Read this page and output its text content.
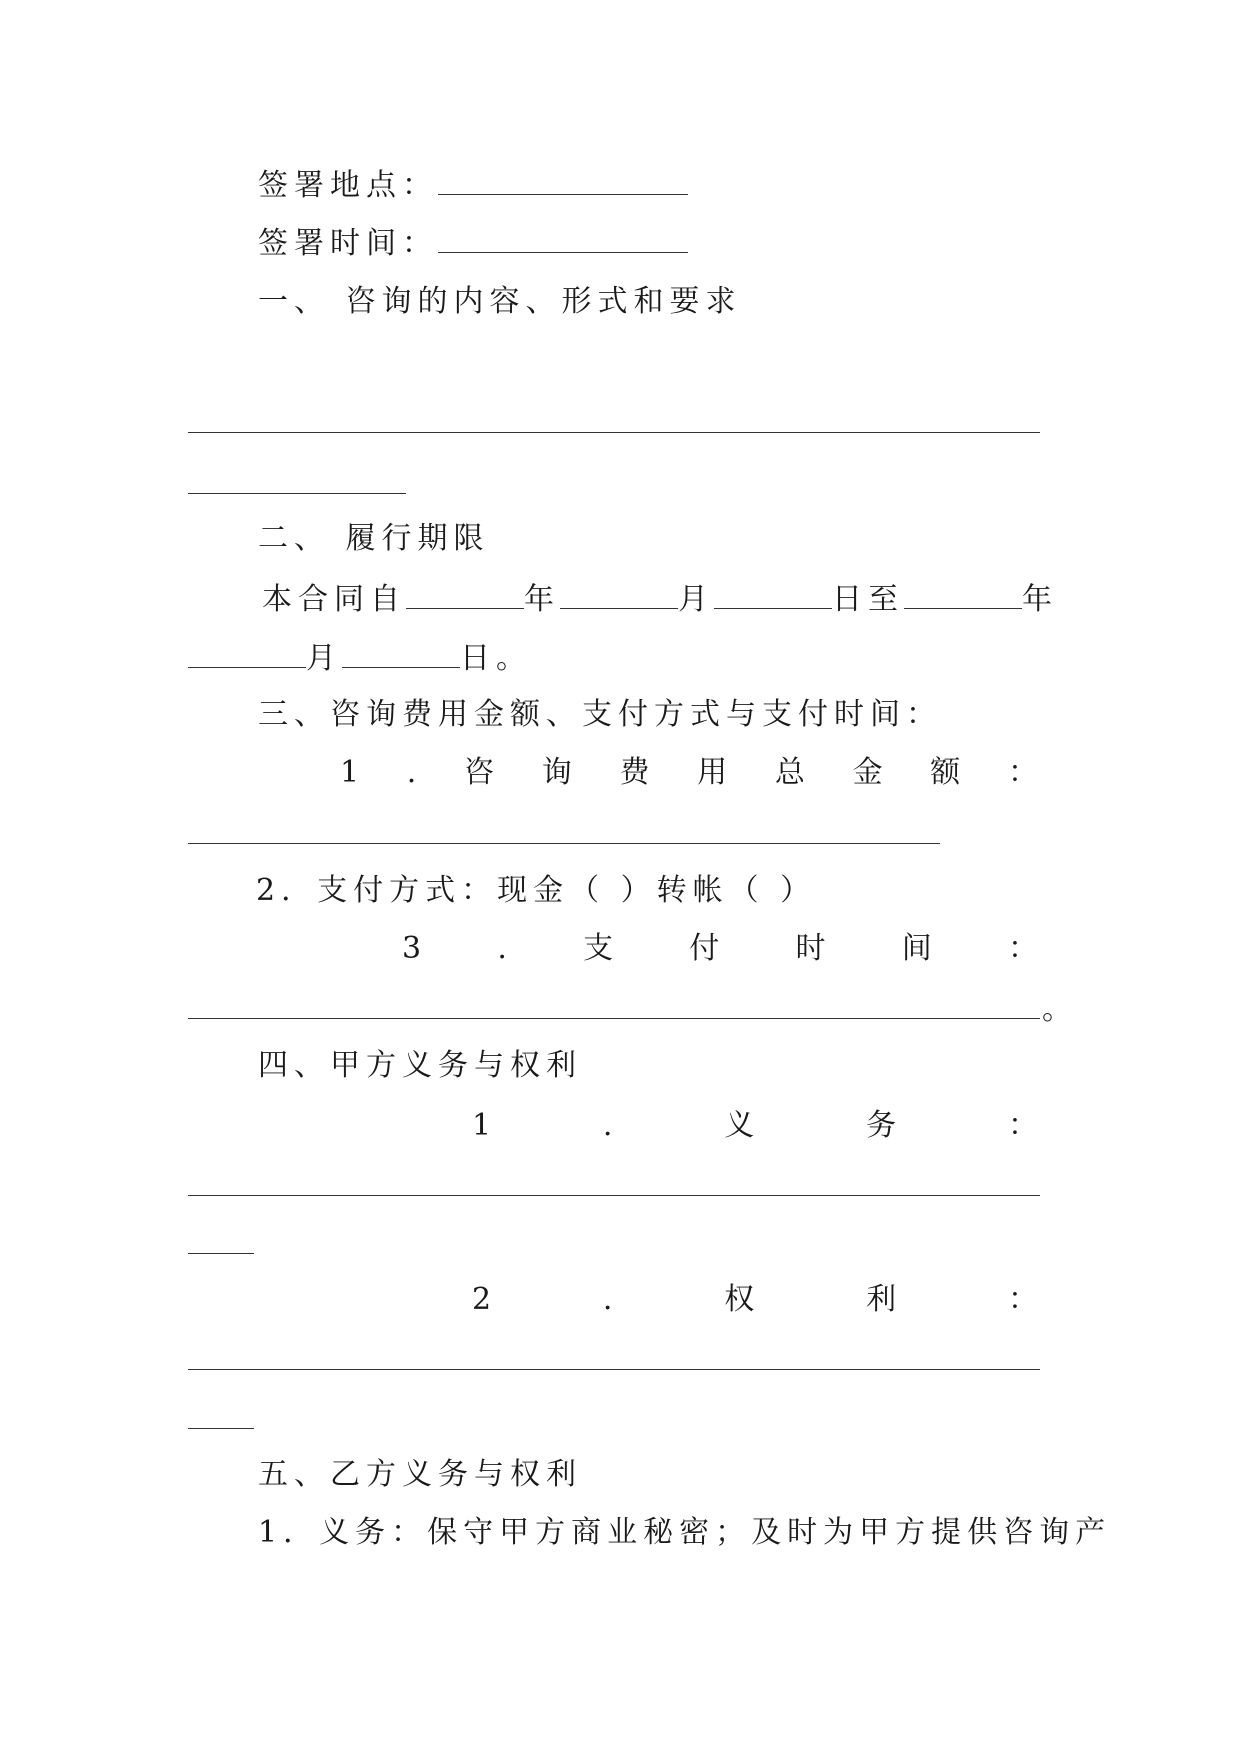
签署地点：
签署时间：
一、 咨询的内容、形式和要求
二、 履行期限
本合同自	年	月	日至	年
月	日。
三、咨询费用金额、支付方式与支付时间：
1 . 咨 询 费 用 总 金 额 ：
2．支付方式：现金（ ）转帐（ ）
3	.	支	付	时	间	：
。
四、甲方义务与权利
1	.	义	务	：
2	.	权	利	：
五、乙方义务与权利
1．义务：保守甲方商业秘密；及时为甲方提供咨询产
